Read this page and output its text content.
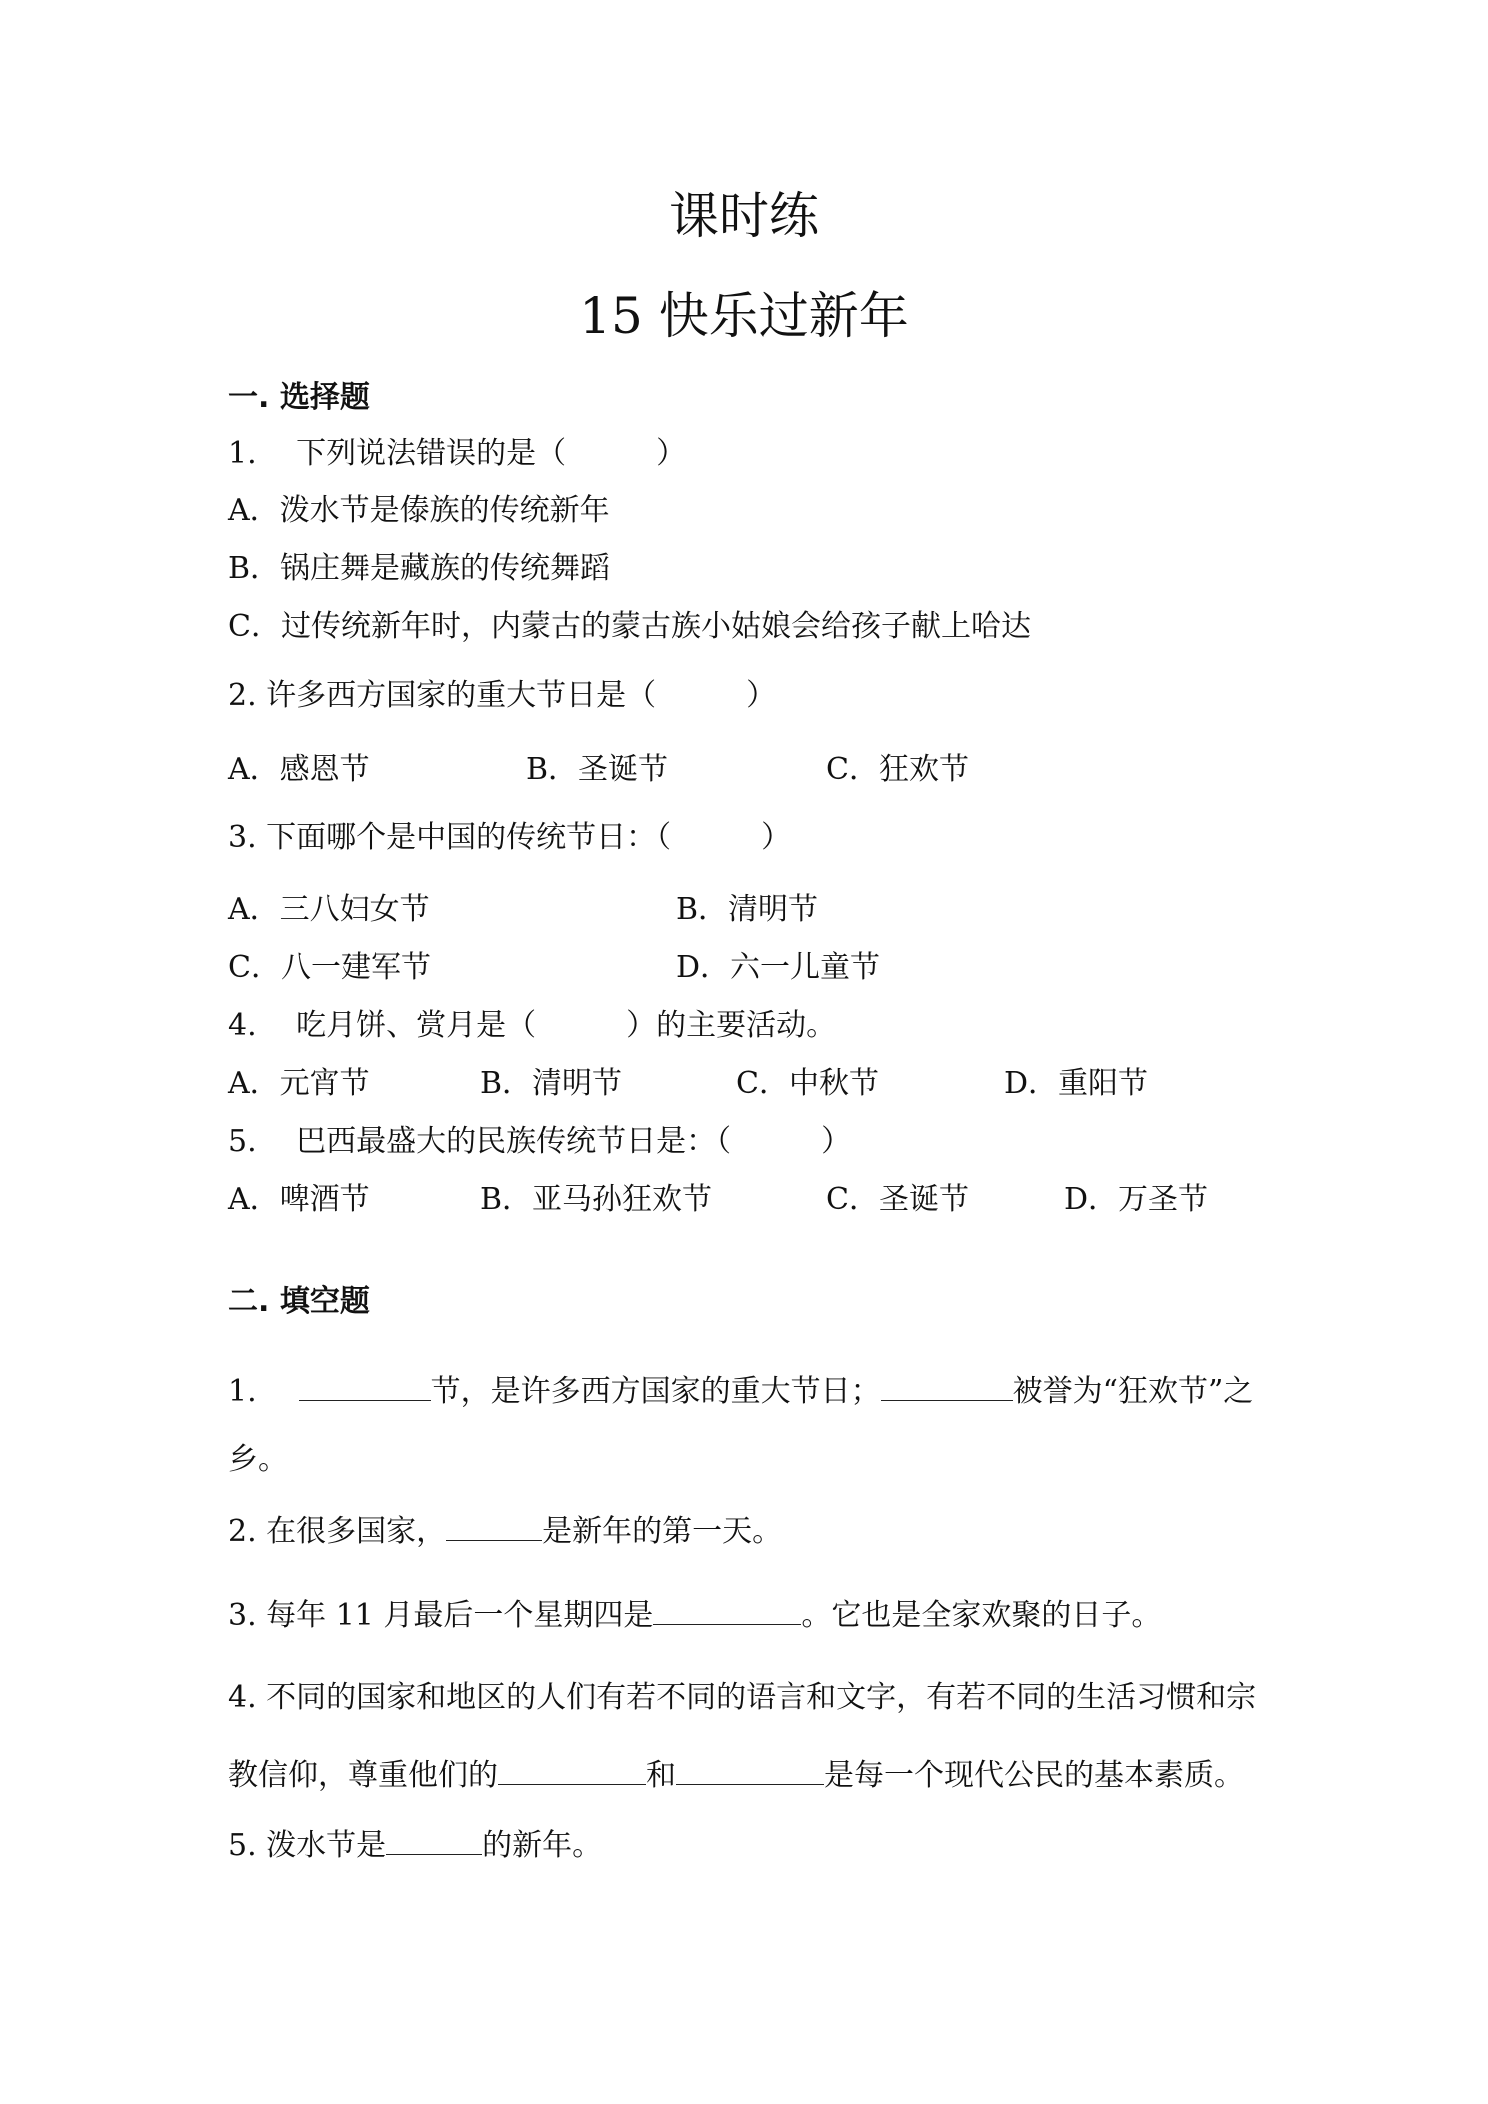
课时练
15 快乐过新年
一. 选择题
1.　 下列说法错误的是（　　　）
A．泼水节是傣族的传统新年
B．锅庄舞是藏族的传统舞蹈
C．过传统新年时，内蒙古的蒙古族小姑娘会给孩子献上哈达
2. 许多西方国家的重大节日是（　　　）
A．感恩节	B．圣诞节	C．狂欢节
3. 下面哪个是中国的传统节日：（　　　）
A．三八妇女节	B．清明节
C．八一建军节	D．六一儿童节
4.　 吃月饼、赏月是（　　　）的主要活动。
A．元宵节	B．清明节	C．中秋节	D．重阳节
5.　 巴西最盛大的民族传统节日是：（　　　）
A．啤酒节	B．亚马孙狂欢节	C．圣诞节	D．万圣节
二. 填空题
1.	节，是许多西方国家的重大节日；	被誉为“狂欢节”之
乡。
2. 在很多国家，	是新年的第一天。
3. 每年 11 月最后一个星期四是	。它也是全家欢聚的日子。
4. 不同的国家和地区的人们有若不同的语言和文字，有若不同的生活习惯和宗
教信仰，尊重他们的	和	是每一个现代公民的基本素质。
5. 泼水节是	的新年。
